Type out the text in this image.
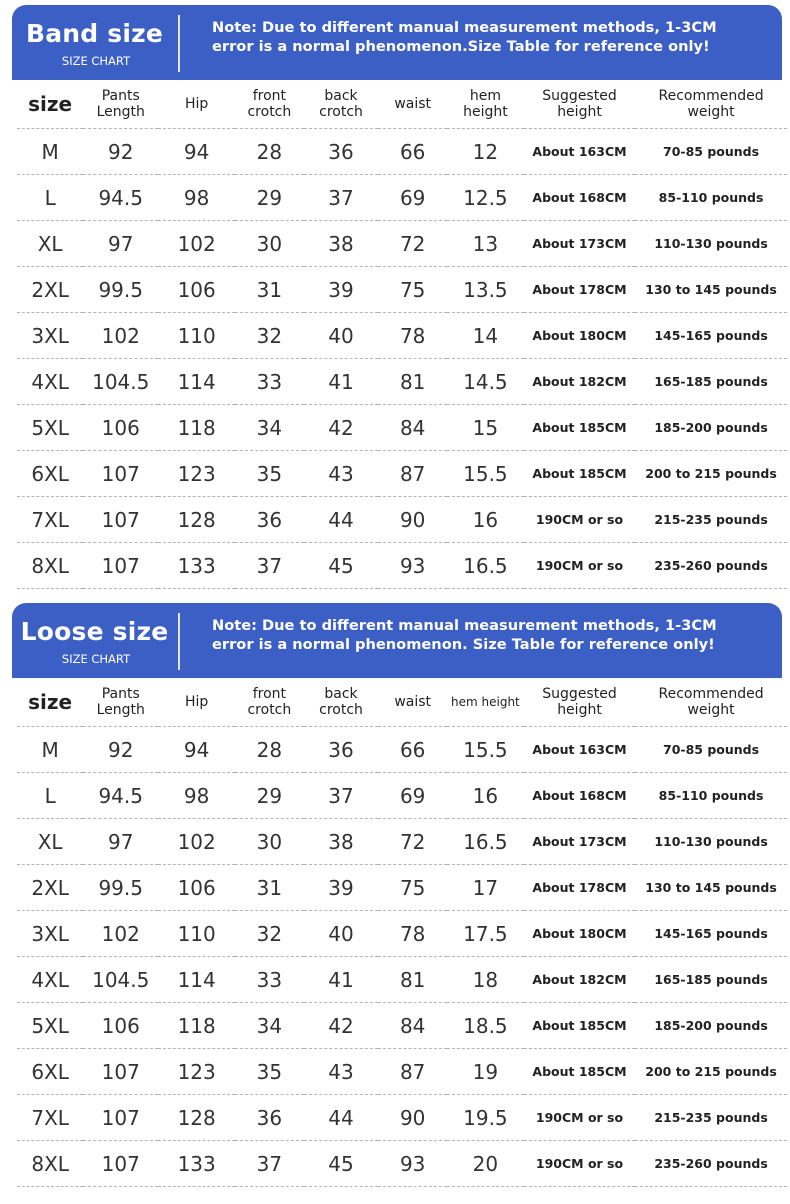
Band size
SIZE CHART
Note: Due to different manual measurement methods, 1-3CM error is a normal phenomenon.Size Table for reference only!
size	Pants Length	Hip	front crotch	back crotch	waist	hem height	Suggested height	Recommended weight
M	92	94	28	36	66	12	About 163CM	70-85 pounds
L	94.5	98	29	37	69	12.5	About 168CM	85-110 pounds
XL	97	102	30	38	72	13	About 173CM	110-130 pounds
2XL	99.5	106	31	39	75	13.5	About 178CM	130 to 145 pounds
3XL	102	110	32	40	78	14	About 180CM	145-165 pounds
4XL	104.5	114	33	41	81	14.5	About 182CM	165-185 pounds
5XL	106	118	34	42	84	15	About 185CM	185-200 pounds
6XL	107	123	35	43	87	15.5	About 185CM	200 to 215 pounds
7XL	107	128	36	44	90	16	190CM or so	215-235 pounds
8XL	107	133	37	45	93	16.5	190CM or so	235-260 pounds
Loose size
SIZE CHART
Note: Due to different manual measurement methods, 1-3CM error is a normal phenomenon. Size Table for reference only!
size	Pants Length	Hip	front crotch	back crotch	waist	hem height	Suggested height	Recommended weight
M	92	94	28	36	66	15.5	About 163CM	70-85 pounds
L	94.5	98	29	37	69	16	About 168CM	85-110 pounds
XL	97	102	30	38	72	16.5	About 173CM	110-130 pounds
2XL	99.5	106	31	39	75	17	About 178CM	130 to 145 pounds
3XL	102	110	32	40	78	17.5	About 180CM	145-165 pounds
4XL	104.5	114	33	41	81	18	About 182CM	165-185 pounds
5XL	106	118	34	42	84	18.5	About 185CM	185-200 pounds
6XL	107	123	35	43	87	19	About 185CM	200 to 215 pounds
7XL	107	128	36	44	90	19.5	190CM or so	215-235 pounds
8XL	107	133	37	45	93	20	190CM or so	235-260 pounds
